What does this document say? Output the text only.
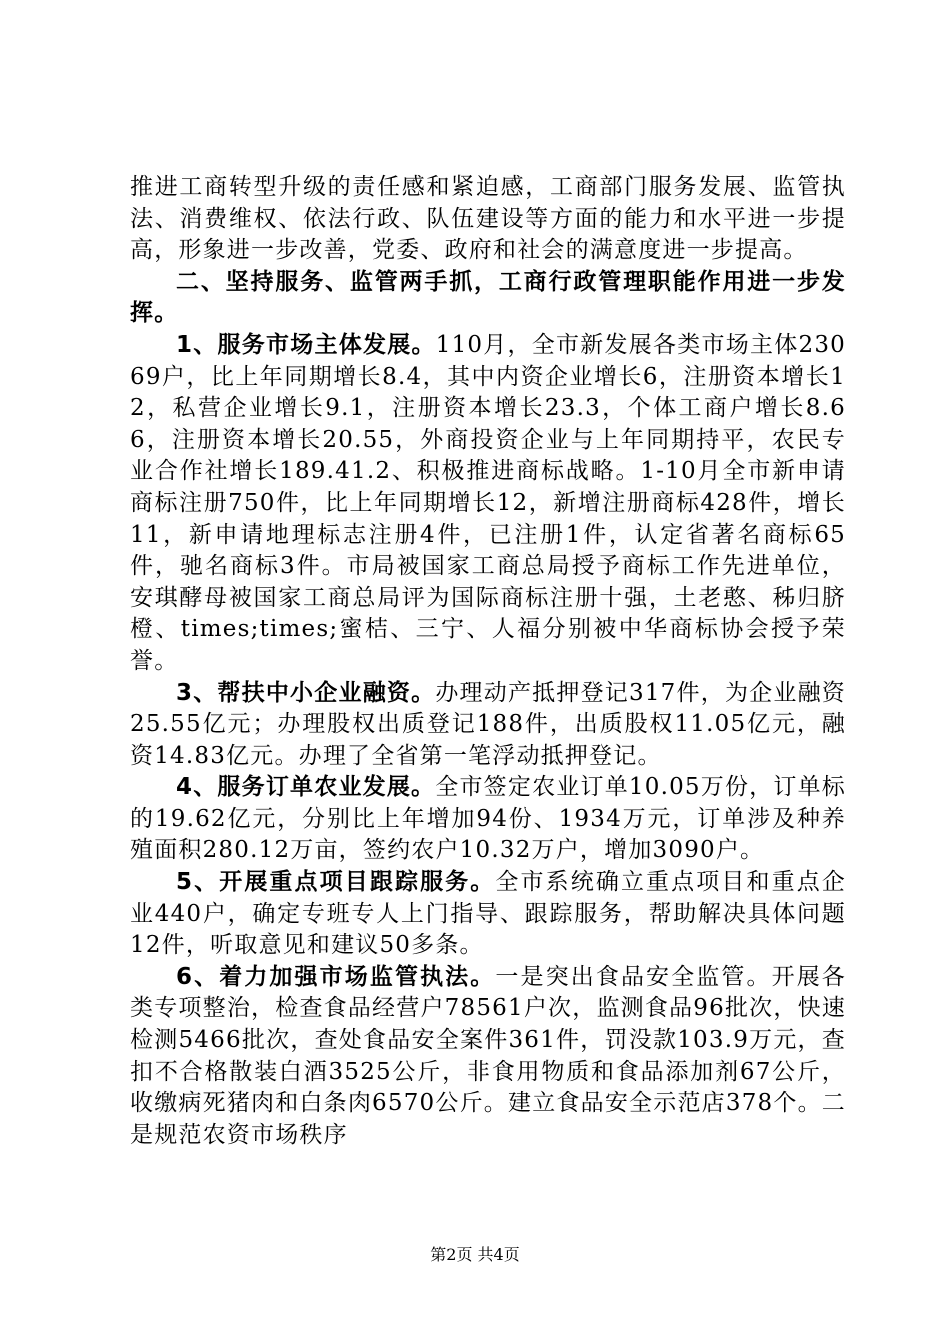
推进工商转型升级的责任感和紧迫感，工商部门服务发展、监管执法、消费维权、依法行政、队伍建设等方面的能力和水平进一步提高，形象进一步改善，党委、政府和社会的满意度进一步提高。

二、坚持服务、监管两手抓，工商行政管理职能作用进一步发挥。

1、服务市场主体发展。110月，全市新发展各类市场主体23069户，比上年同期增长8.4，其中内资企业增长6，注册资本增长12，私营企业增长9.1，注册资本增长23.3，个体工商户增长8.66，注册资本增长20.55，外商投资企业与上年同期持平，农民专业合作社增长189.41.2、积极推进商标战略。1-10月全市新申请商标注册750件，比上年同期增长12，新增注册商标428件，增长11，新申请地理标志注册4件，已注册1件，认定省著名商标65件，驰名商标3件。市局被国家工商总局授予商标工作先进单位，安琪酵母被国家工商总局评为国际商标注册十强，土老憨、秭归脐橙、times;times;蜜桔、三宁、人福分别被中华商标协会授予荣誉。

3、帮扶中小企业融资。办理动产抵押登记317件，为企业融资25.55亿元；办理股权出质登记188件，出质股权11.05亿元，融资14.83亿元。办理了全省第一笔浮动抵押登记。

4、服务订单农业发展。全市签定农业订单10.05万份，订单标的19.62亿元，分别比上年增加94份、1934万元，订单涉及种养殖面积280.12万亩，签约农户10.32万户，增加3090户。

5、开展重点项目跟踪服务。全市系统确立重点项目和重点企业440户，确定专班专人上门指导、跟踪服务，帮助解决具体问题12件，听取意见和建议50多条。

6、着力加强市场监管执法。一是突出食品安全监管。开展各类专项整治，检查食品经营户78561户次，监测食品96批次，快速检测5466批次，查处食品安全案件361件，罚没款103.9万元，查扣不合格散装白酒3525公斤，非食用物质和食品添加剂67公斤，收缴病死猪肉和白条肉6570公斤。建立食品安全示范店378个。二是规范农资市场秩序

第2页 共4页
